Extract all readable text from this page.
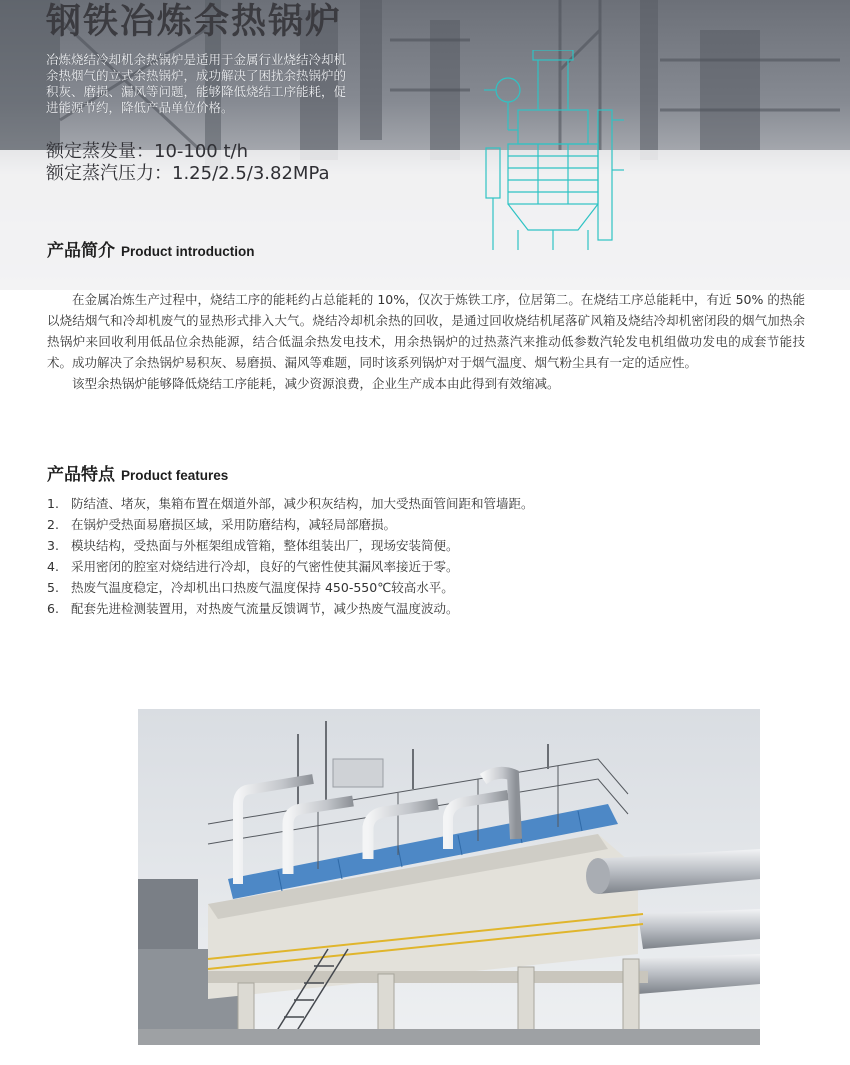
钢铁冶炼余热锅炉

冶炼烧结冷却机余热锅炉是适用于金属行业烧结冷却机余热烟气的立式余热锅炉，成功解决了困扰余热锅炉的积灰、磨损、漏风等问题，能够降低烧结工序能耗，促进能源节约，降低产品单位价格。

额定蒸发量：10-100 t/h
额定蒸汽压力：1.25/2.5/3.82MPa
产品简介 Product introduction

在金属冶炼生产过程中，烧结工序的能耗约占总能耗的 10%，仅次于炼铁工序，位居第二。在烧结工序总能耗中，有近 50% 的热能以烧结烟气和冷却机废气的显热形式排入大气。烧结冷却机余热的回收，是通过回收烧结机尾落矿风箱及烧结冷却机密闭段的烟气加热余热锅炉来回收利用低品位余热能源，结合低温余热发电技术，用余热锅炉的过热蒸汽来推动低参数汽轮发电机组做功发电的成套节能技术。成功解决了余热锅炉易积灰、易磨损、漏风等难题，同时该系列锅炉对于烟气温度、烟气粉尘具有一定的适应性。

该型余热锅炉能够降低烧结工序能耗，减少资源浪费，企业生产成本由此得到有效缩减。

产品特点 Product features
1. 防结渣、堵灰，集箱布置在烟道外部，减少积灰结构，加大受热面管间距和管墙距。
2. 在锅炉受热面易磨损区域，采用防磨结构，减轻局部磨损。
3. 模块结构，受热面与外框架组成管箱，整体组装出厂，现场安装简便。
4. 采用密闭的腔室对烧结进行冷却，良好的气密性使其漏风率接近于零。
5. 热废气温度稳定，冷却机出口热废气温度保持 450-550℃较高水平。
6. 配套先进检测装置用，对热废气流量反馈调节，减少热废气温度波动。
